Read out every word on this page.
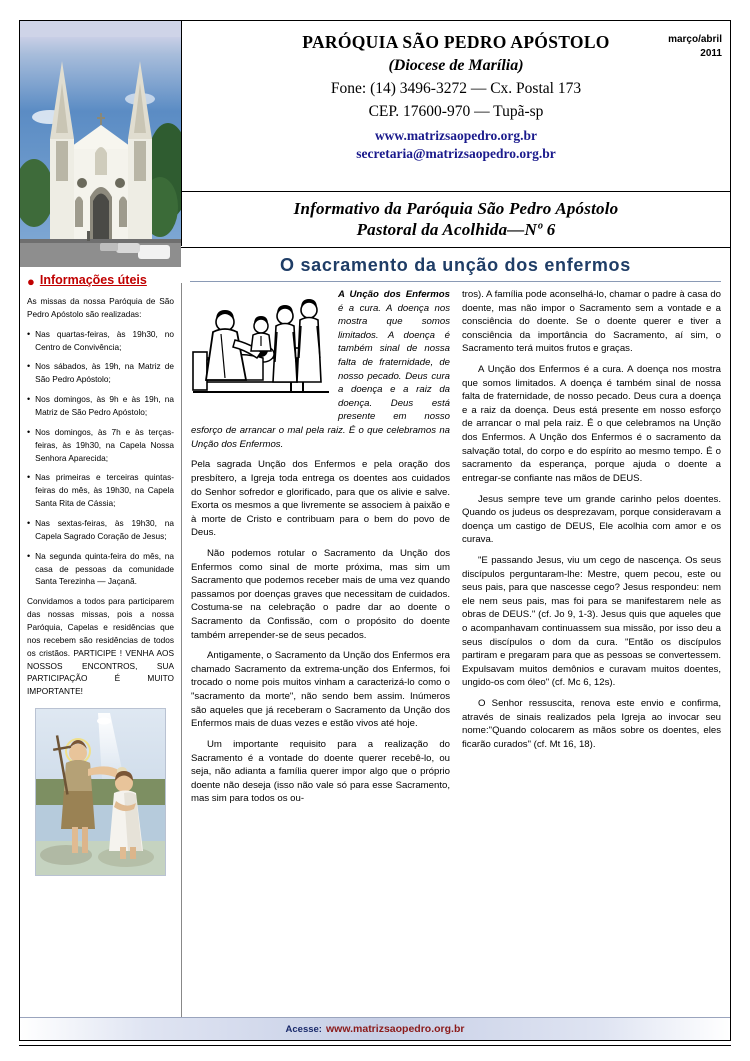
PARÓQUIA SÃO PEDRO APÓSTOLO
(Diocese de Marília)
Fone: (14) 3496-3272 — Cx. Postal 173
CEP. 17600-970 — Tupã-sp
www.matrizsaopedro.org.br
secretaria@matrizsaopedro.org.br
março/abril
2011
Informativo da Paróquia São Pedro Apóstolo
Pastoral da Acolhida—Nº 6
O sacramento da unção dos enfermos
● Informações úteis
As missas da nossa Paróquia de São Pedro Apóstolo são realizadas:
• Nas quartas-feiras, às 19h30, no Centro de Convivência;
• Nos sábados, às 19h, na Matriz de São Pedro Apóstolo;
• Nos domingos, às 9h e às 19h, na Matriz de São Pedro Apóstolo;
• Nos domingos, às 7h e às terças-feiras, às 19h30, na Capela Nossa Senhora Aparecida;
• Nas primeiras e terceiras quintas-feiras do mês, às 19h30, na Capela Santa Rita de Cássia;
• Nas sextas-feiras, às 19h30, na Capela Sagrado Coração de Jesus;
• Na segunda quinta-feira do mês, na casa de pessoas da comunidade Santa Terezinha — Jaçanã.
Convidamos a todos para participarem das nossas missas, pois a nossa Paróquia, Capelas e residências que nos recebem são residências de todos os cristãos. PARTICIPE ! VENHA AOS NOSSOS ENCONTROS, SUA PARTICIPAÇÃO É MUITO IMPORTANTE!

A Unção dos Enfermos é a cura. A doença nos mostra que somos limitados. A doença é também sinal de nossa falta de fraternidade, de nosso pecado. Deus cura a doença e a raiz da doença. Deus está presente em nosso esforço de arrancar o mal pela raiz. É o que celebramos na Unção dos Enfermos.

Pela sagrada Unção dos Enfermos e pela oração dos presbítero, a Igreja toda entrega os doentes aos cuidados do Senhor sofredor e glorificado, para que os alivie e salve. Exorta os mesmos a que livremente se associem à paixão e à morte de Cristo e contribuam para o bem do povo de Deus.

Não podemos rotular o Sacramento da Unção dos Enfermos como sinal de morte próxima, mas sim um Sacramento que podemos receber mais de uma vez quando passamos por doenças graves que necessitam de cuidados. Costuma-se na celebração o padre dar ao doente o Sacramento da Confissão, com o propósito do doente também arrepender-se de seus pecados.

Antigamente, o Sacramento da Unção dos Enfermos era chamado Sacramento da extrema-unção dos Enfermos, foi trocado o nome pois muitos vinham a caracterizá-lo como o "sacramento da morte", não sendo bem assim. Inúmeros são aqueles que já receberam o Sacramento da Unção dos Enfermos mais de duas vezes e estão vivos até hoje.

Um importante requisito para a realização do Sacramento é a vontade do doente querer recebê-lo, ou seja, não adianta a família querer impor algo que o próprio doente não deseja (isso não vale só para esse Sacramento, mas sim para todos os ou-

tros). A família pode aconselhá-lo, chamar o padre à casa do doente, mas não impor o Sacramento sem a vontade e a consciência do doente. Se o doente querer e tiver a consciência da importância do Sacramento, aí sim, o Sacramento terá muitos frutos e graças.

A Unção dos Enfermos é a cura. A doença nos mostra que somos limitados. A doença é também sinal de nossa falta de fraternidade, de nosso pecado. Deus cura a doença e a raiz da doença. Deus está presente em nosso esforço de arrancar o mal pela raiz. É o que celebramos na Unção dos Enfermos. A Unção dos Enfermos é o sacramento da salvação total, do corpo e do espírito ao mesmo tempo. É o sacramento da esperança, porque ajuda o doente a entregar-se confiante nas mãos de DEUS.

Jesus sempre teve um grande carinho pelos doentes. Quando os judeus os desprezavam, porque consideravam a doença um castigo de DEUS, Ele acolhia com amor e os curava.

"E passando Jesus, viu um cego de nascença. Os seus discípulos perguntaram-lhe: Mestre, quem pecou, este ou seus pais, para que nascesse cego? Jesus respondeu: nem ele nem seus pais, mas foi para se manifestarem nele as obras de DEUS." (cf. Jo 9, 1-3). Jesus quis que aqueles que o acompanhavam continuassem sua missão, por isso deu a seus discípulos o dom da cura. "Então os discípulos partiram e pregaram para que as pessoas se convertessem. Expulsavam muitos demônios e curavam muitos doentes, ungido-os com óleo" (cf. Mc 6, 12s).

O Senhor ressuscita, renova este envio e confirma, através de sinais realizados pela Igreja ao invocar seu nome:"Quando colocarem as mãos sobre os doentes, eles ficarão curados" (cf. Mt 16, 18).

Acesse: www.matrizsaopedro.org.br
